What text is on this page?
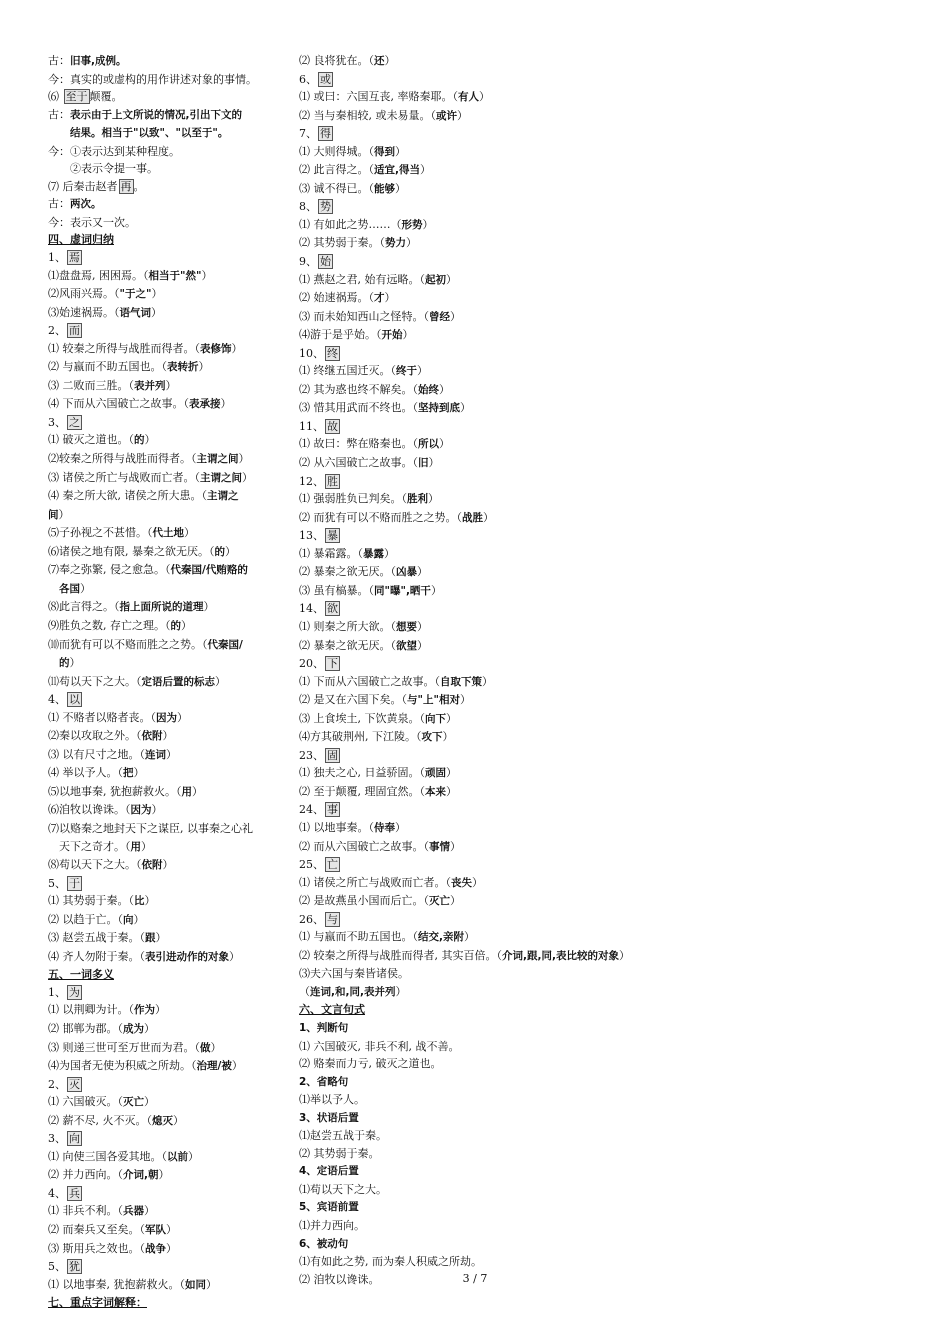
古：旧事,成例。
今：真实的或虚构的用作讲述对象的事情。
⑹ 至于 颠覆。
古：表示由于上文所说的情况,引出下文的
结果。相当于"以致"、"以至于"。
今：①表示达到某种程度。
②表示令提一事。
⑺ 后秦击赵者 再 。
古：两次。
今：表示又一次。
四、虚词归纳
1、 焉
⑴盘盘焉, 困困焉。（相当于"然"）
⑵风雨兴焉。（"于之"）
⑶始速祸焉。（语气词）
2、 而
⑴ 较秦之所得与战胜而得者。（表修饰）
⑵ 与嬴而不助五国也。（表转折）
⑶ 二败而三胜。（表并列）
⑷ 下而从六国破亡之故事。（表承接）
3、 之
⑴ 破灭之道也。（的）
⑵较秦之所得与战胜而得者。（主谓之间）
⑶ 诸侯之所亡与战败而亡者。（主谓之间）
⑷ 秦之所大欲, 诸侯之所大患。（主谓之
间）
⑸子孙视之不甚惜。（代土地）
⑹诸侯之地有限, 暴秦之欲无厌。（的）
⑺奉之弥繁, 侵之愈急。（代秦国/代贿赂的
各国）
⑻此言得之。（指上面所说的道理）
⑼胜负之数, 存亡之理。（的）
⑽而犹有可以不赂而胜之之势。（代秦国/
的）
⑾苟以天下之大。（定语后置的标志）
4、 以
⑴ 不赂者以赂者丧。（因为）
⑵秦以攻取之外。（依附）
⑶ 以有尺寸之地。（连词）
⑷ 举以予人。（把）
⑸以地事秦, 犹抱薪救火。（用）
⑹洎牧以谗诛。（因为）
⑺以赂秦之地封天下之谋臣, 以事秦之心礼
天下之奇才。（用）
⑻苟以天下之大。（依附）
5、 于
⑴ 其势弱于秦。（比）
⑵ 以趋于亡。（向）
⑶ 赵尝五战于秦。（跟）
⑷ 齐人勿附于秦。（表引进动作的对象）
五、一词多义
1、 为
⑴ 以荆卿为计。（作为）
⑵ 邯郸为郡。（成为）
⑶ 则递三世可至万世而为君。（做）
⑷为国者无使为积威之所劫。（治理/被）
2、 灭
⑴ 六国破灭。（灭亡）
⑵ 薪不尽, 火不灭。（熄灭）
3、 向
⑴ 向使三国各爱其地。（以前）
⑵ 并力西向。（介词,朝）
4、 兵
⑴ 非兵不利。（兵器）
⑵ 而秦兵又至矣。（军队）
⑶ 斯用兵之效也。（战争）
5、 犹
⑴ 以地事秦, 犹抱薪救火。（如同）
七、重点字词解释：
⑵ 良将犹在。（还）
6、 或
⑴ 或曰：六国互丧, 率赂秦耶。（有人）
⑵ 当与秦相较, 或未易量。（或许）
7、 得
⑴ 大则得城。（得到）
⑵ 此言得之。（适宜,得当）
⑶ 诚不得已。（能够）
8、 势
⑴ 有如此之势……（形势）
⑵ 其势弱于秦。（势力）
9、 始
⑴ 燕赵之君, 始有远略。（起初）
⑵ 始速祸焉。（才）
⑶ 而未始知西山之怪特。（曾经）
⑷游于是乎始。（开始）
10、 终
⑴ 终继五国迁灭。（终于）
⑵ 其为惑也终不解矣。（始终）
⑶ 惜其用武而不终也。（坚持到底）
11、 故
⑴ 故曰：弊在赂秦也。（所以）
⑵ 从六国破亡之故事。（旧）
12、 胜
⑴ 强弱胜负已判矣。（胜利）
⑵ 而犹有可以不赂而胜之之势。（战胜）
13、 暴
⑴ 暴霜露。（暴露）
⑵ 暴秦之欲无厌。（凶暴）
⑶ 虽有槁暴。（同"曝",晒干）
14、 欲
⑴ 则秦之所大欲。（想要）
⑵ 暴秦之欲无厌。（欲望）
20、 下
⑴ 下而从六国破亡之故事。（自取下策）
⑵ 是又在六国下矣。（与"上"相对）
⑶ 上食埃土, 下饮黄泉。（向下）
⑷方其破荆州, 下江陵。（攻下）
23、 固
⑴ 独夫之心, 日益骄固。（顽固）
⑵ 至于颠覆, 理固宜然。（本来）
24、 事
⑴ 以地事秦。（侍奉）
⑵ 而从六国破亡之故事。（事情）
25、 亡
⑴ 诸侯之所亡与战败而亡者。（丧失）
⑵ 是故燕虽小国而后亡。（灭亡）
26、 与
⑴ 与嬴而不助五国也。（结交,亲附）
⑵ 较秦之所得与战胜而得者, 其实百倍。（介词,跟,同,表比较的对象）
⑶夫六国与秦皆诸侯。
（连词,和,同,表并列）
六、文言句式
1、判断句
⑴ 六国破灭, 非兵不利, 战不善。
⑵ 赂秦而力亏, 破灭之道也。
2、省略句
⑴举以予人。
3、状语后置
⑴赵尝五战于秦。
⑵ 其势弱于秦。
4、定语后置
⑴苟以天下之大。
5、宾语前置
⑴并力西向。
6、被动句
⑴有如此之势, 而为秦人积威之所劫。
⑵ 洎牧以谗诛。	3 / 7
